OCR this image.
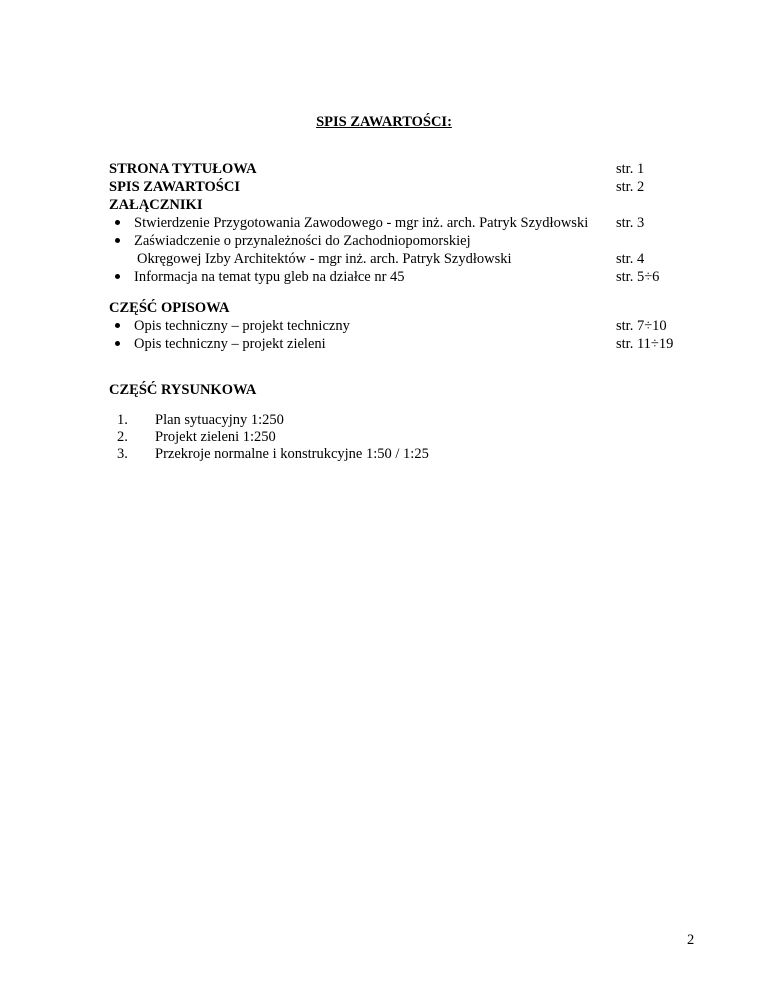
SPIS ZAWARTOŚCI:
STRONA TYTUŁOWA	str. 1
SPIS ZAWARTOŚCI	str. 2
ZAŁĄCZNIKI
Stwierdzenie Przygotowania Zawodowego - mgr inż. arch. Patryk Szydłowski str. 3
Zaświadczenie o przynależności do Zachodniopomorskiej
Okręgowej Izby Architektów - mgr inż. arch. Patryk Szydłowski	str. 4
Informacja na temat typu gleb na działce nr 45	str. 5÷6
CZĘŚĆ OPISOWA
Opis techniczny – projekt techniczny	str. 7÷10
Opis techniczny – projekt zieleni	str. 11÷19
CZĘŚĆ RYSUNKOWA
1. Plan sytuacyjny 1:250
2. Projekt zieleni 1:250
3. Przekroje normalne i konstrukcyjne 1:50 / 1:25
2
